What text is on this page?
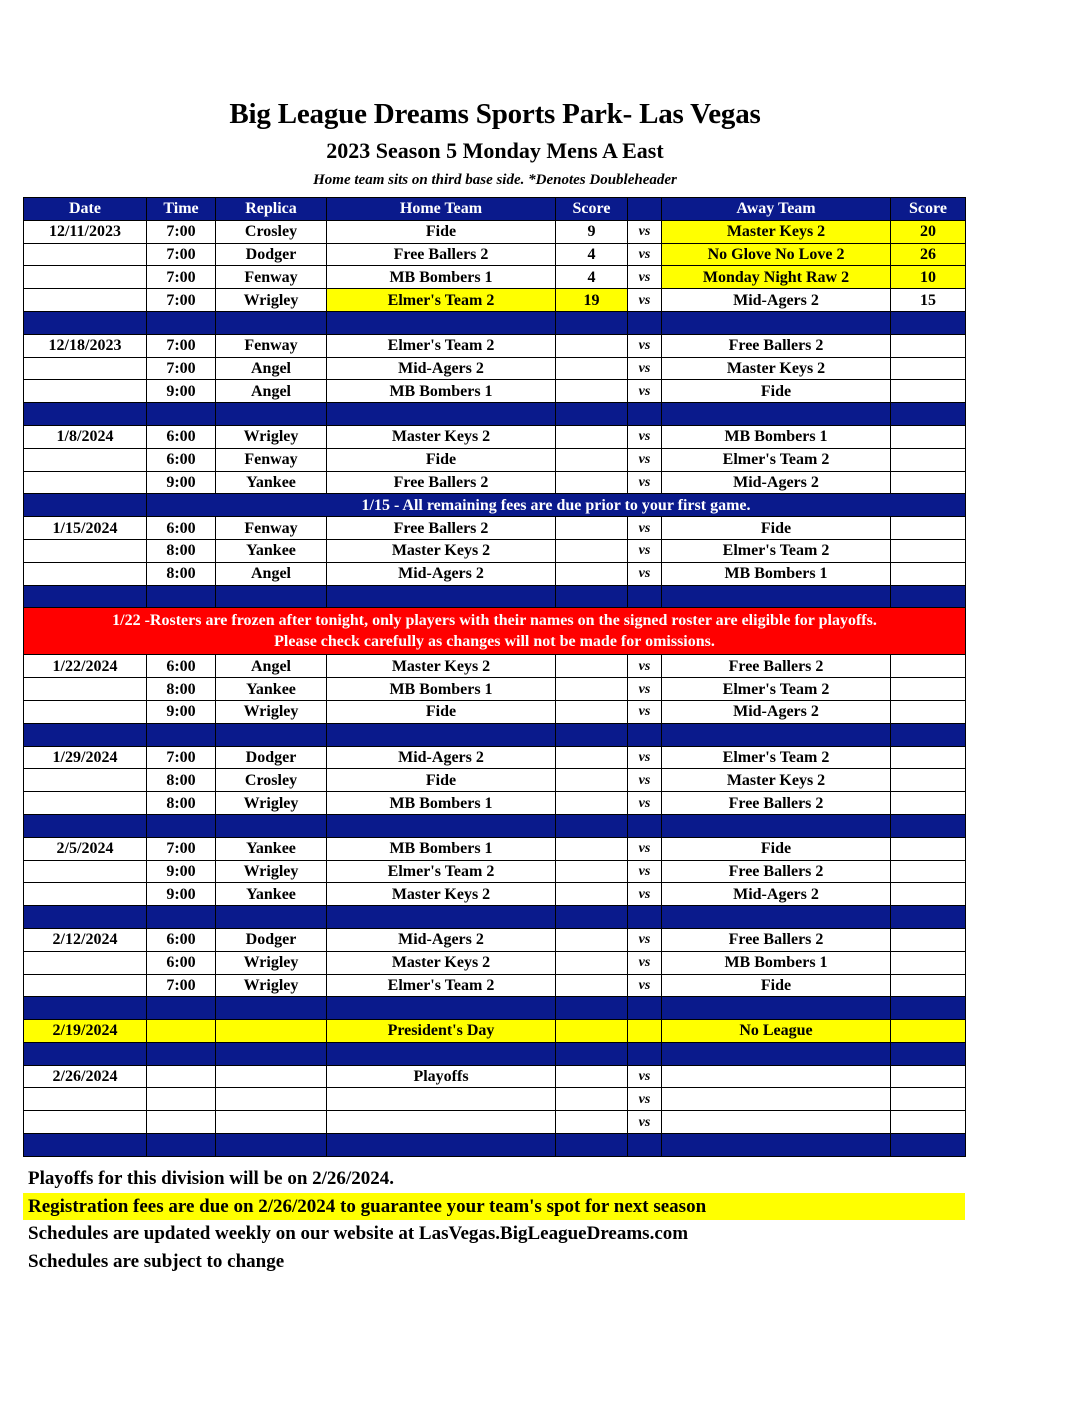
Big League Dreams Sports Park- Las Vegas
2023 Season 5 Monday Mens A East
Home team sits on third base side. *Denotes Doubleheader
Date	Time	Replica	Home Team	Score		Away Team	Score
12/11/2023	7:00	Crosley	Fide	9	vs	Master Keys 2	20
	7:00	Dodger	Free Ballers 2	4	vs	No Glove No Love 2	26
	7:00	Fenway	MB Bombers 1	4	vs	Monday Night Raw 2	10
	7:00	Wrigley	Elmer's Team 2	19	vs	Mid-Agers 2	15

12/18/2023	7:00	Fenway	Elmer's Team 2		vs	Free Ballers 2	
	7:00	Angel	Mid-Agers 2		vs	Master Keys 2	
	9:00	Angel	MB Bombers 1		vs	Fide	

1/8/2024	6:00	Wrigley	Master Keys 2		vs	MB Bombers 1	
	6:00	Fenway	Fide		vs	Elmer's Team 2	
	9:00	Yankee	Free Ballers 2		vs	Mid-Agers 2	
	1/15 - All remaining fees are due prior to your first game.						
1/15/2024	6:00	Fenway	Free Ballers 2		vs	Fide	
	8:00	Yankee	Master Keys 2		vs	Elmer's Team 2	
	8:00	Angel	Mid-Agers 2		vs	MB Bombers 1	

1/22 -Rosters are frozen after tonight, only players with their names on the signed roster are eligible for playoffs.
Please check carefully as changes will not be made for omissions.							

1/22/2024	6:00	Angel	Master Keys 2		vs	Free Ballers 2	
	8:00	Yankee	MB Bombers 1		vs	Elmer's Team 2	
	9:00	Wrigley	Fide		vs	Mid-Agers 2	

1/29/2024	7:00	Dodger	Mid-Agers 2		vs	Elmer's Team 2	
	8:00	Crosley	Fide		vs	Master Keys 2	
	8:00	Wrigley	MB Bombers 1		vs	Free Ballers 2	

2/5/2024	7:00	Yankee	MB Bombers 1		vs	Fide	
	9:00	Wrigley	Elmer's Team 2		vs	Free Ballers 2	
	9:00	Yankee	Master Keys 2		vs	Mid-Agers 2	

2/12/2024	6:00	Dodger	Mid-Agers 2		vs	Free Ballers 2	
	6:00	Wrigley	Master Keys 2		vs	MB Bombers 1	
	7:00	Wrigley	Elmer's Team 2		vs	Fide	

2/19/2024			President's Day			No League	

2/26/2024			Playoffs		vs		
					vs		
					vs		

Playoffs for this division will be on 2/26/2024.
Registration fees are due on 2/26/2024 to guarantee your team's spot for next season
Schedules are updated weekly on our website at LasVegas.BigLeagueDreams.com
Schedules are subject to change
